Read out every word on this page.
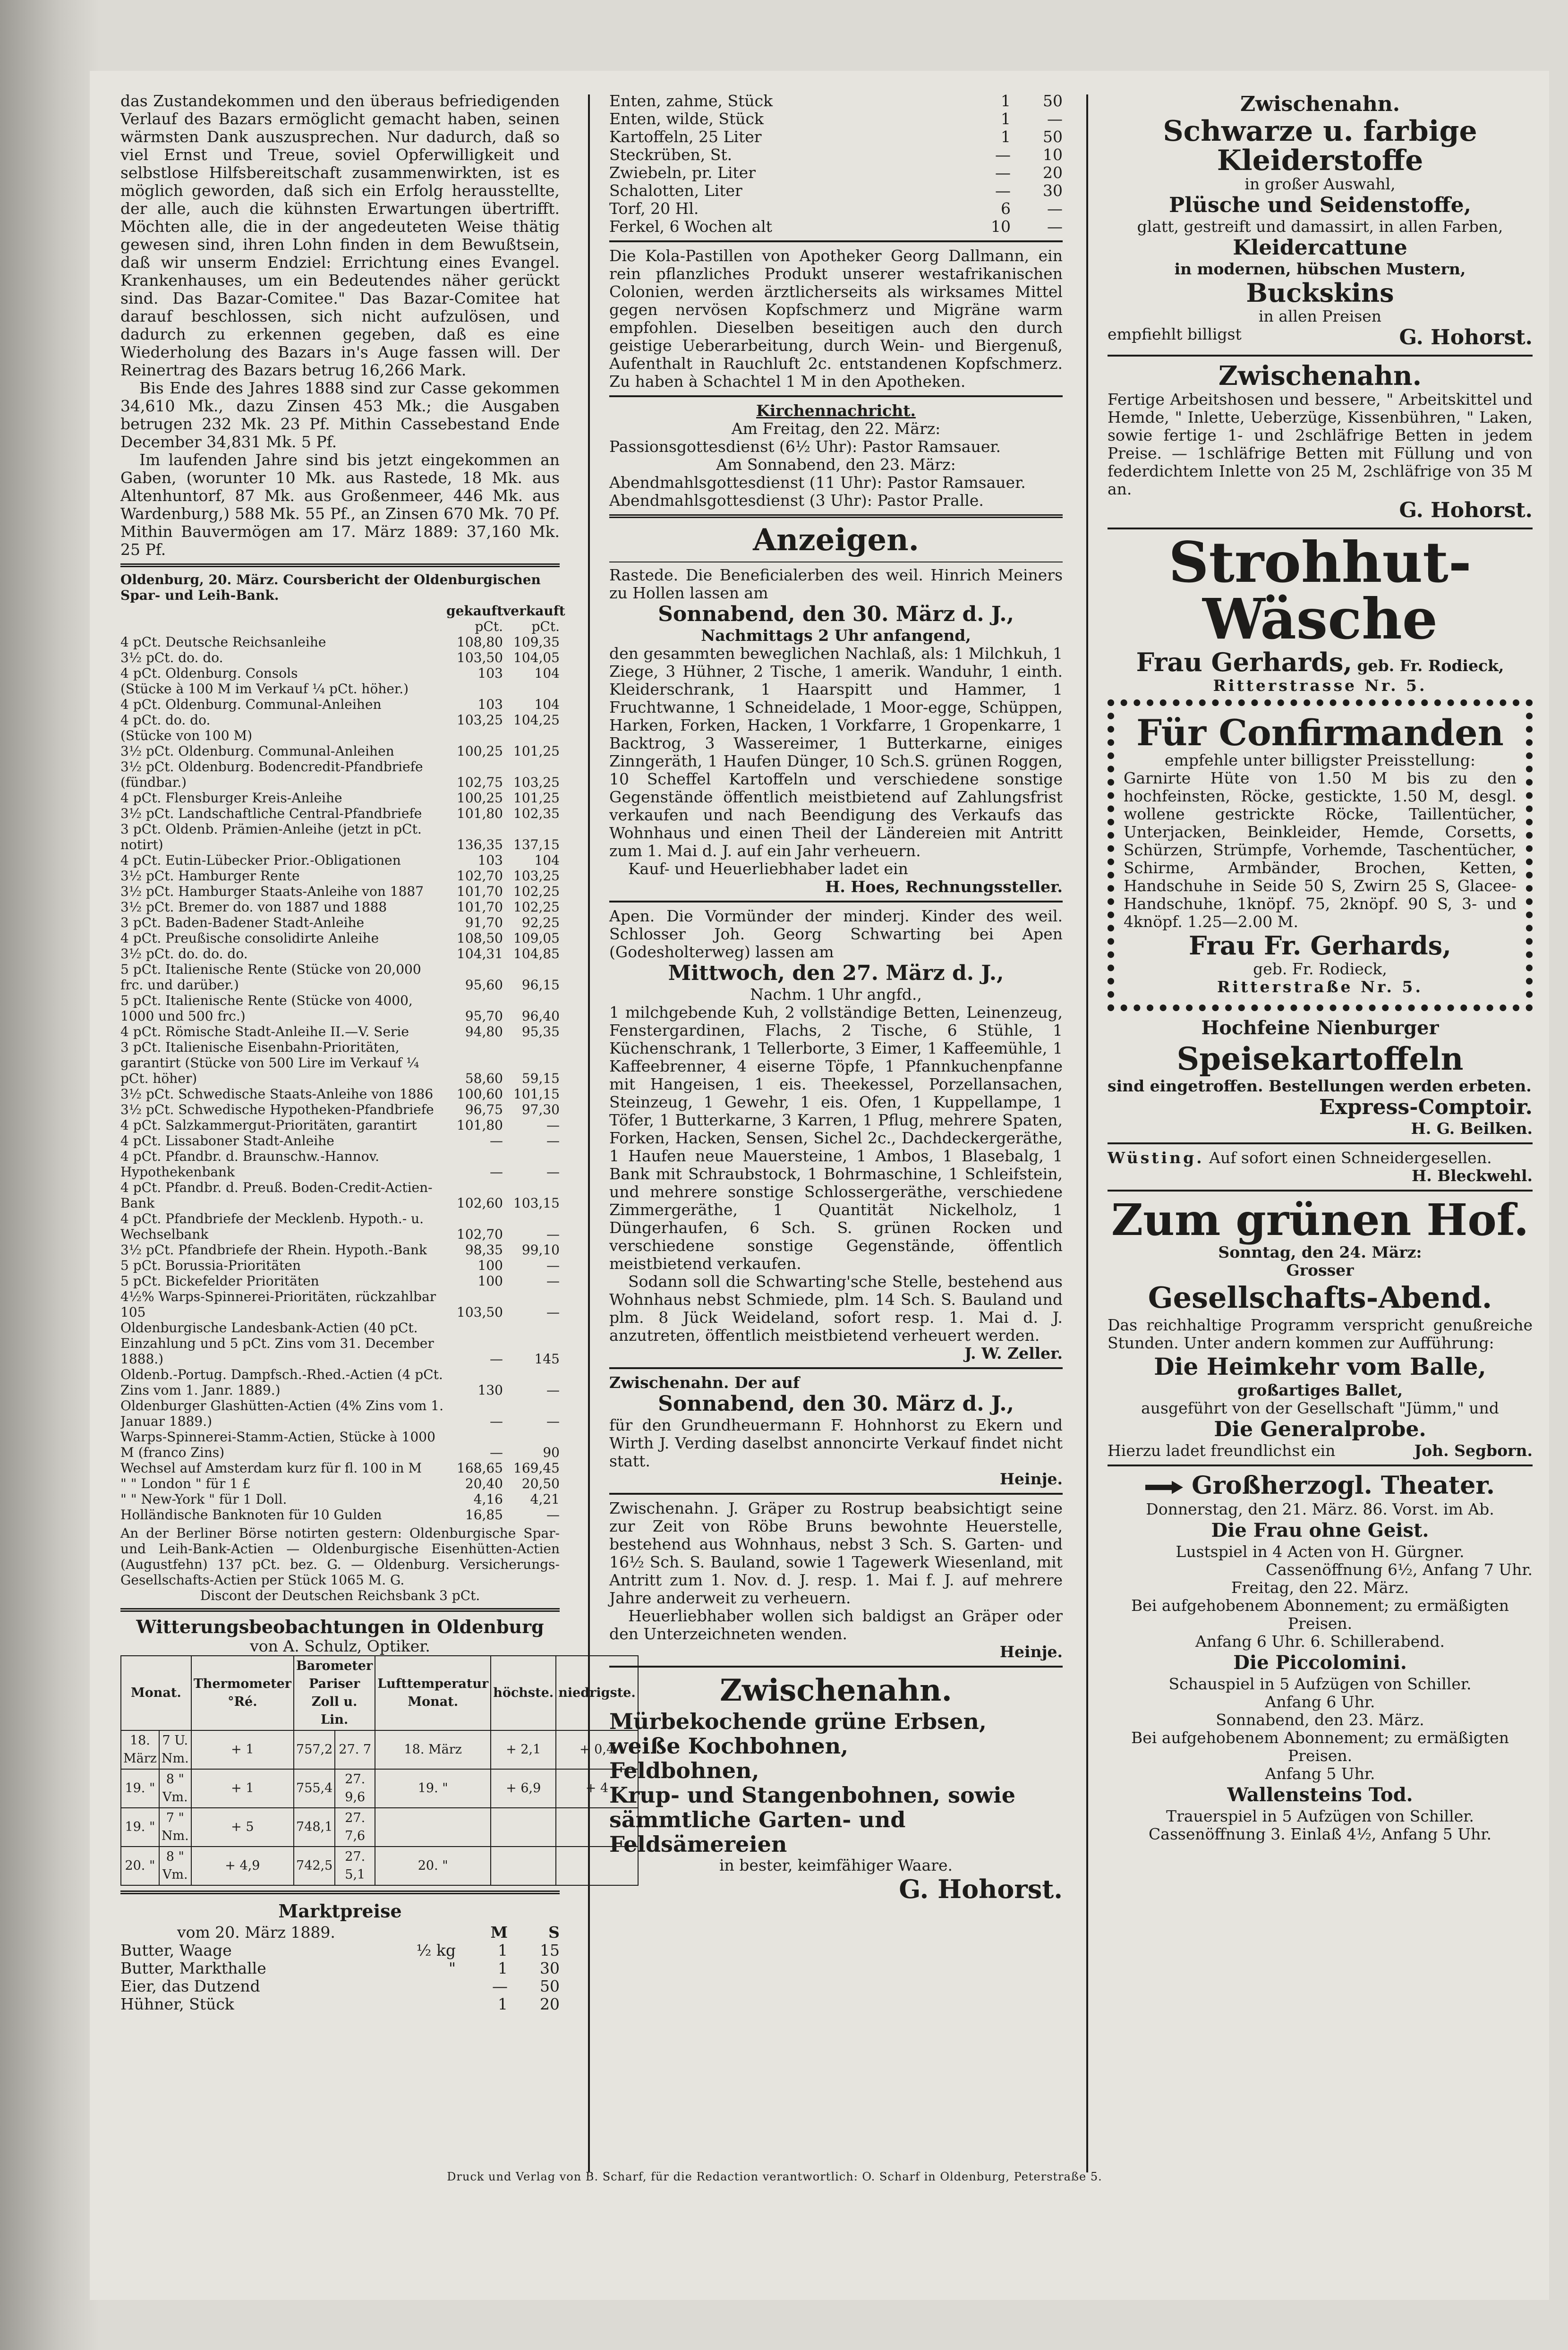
das Zustandekommen und den überaus befriedigenden Verlauf des Bazars ermöglicht gemacht haben, seinen wärmsten Dank auszusprechen. Nur dadurch, daß so viel Ernst und Treue, soviel Opferwilligkeit und selbstlose Hilfsbereitschaft zusammenwirkten, ist es möglich geworden, daß sich ein Erfolg herausstellte, der alle, auch die kühnsten Erwartungen übertrifft. Möchten alle, die in der angedeuteten Weise thätig gewesen sind, ihren Lohn finden in dem Bewußtsein, daß wir unserm Endziel: Errichtung eines Evangel. Krankenhauses, um ein Bedeutendes näher gerückt sind. Das Bazar-Comitee." Das Bazar-Comitee hat darauf beschlossen, sich nicht aufzulösen, und dadurch zu erkennen gegeben, daß es eine Wiederholung des Bazars in's Auge fassen will. Der Reinertrag des Bazars betrug 16,266 Mark.

Bis Ende des Jahres 1888 sind zur Casse gekommen 34,610 Mk., dazu Zinsen 453 Mk.; die Ausgaben betrugen 232 Mk. 23 Pf. Mithin Cassebestand Ende December 34,831 Mk. 5 Pf.

Im laufenden Jahre sind bis jetzt eingekommen an Gaben, (worunter 10 Mk. aus Rastede, 18 Mk. aus Altenhuntorf, 87 Mk. aus Großenmeer, 446 Mk. aus Wardenburg,) 588 Mk. 55 Pf., an Zinsen 670 Mk. 70 Pf. Mithin Bauvermögen am 17. März 1889: 37,160 Mk. 25 Pf.

Oldenburg, 20. März. Coursbericht der Oldenburgischen Spar- und Leih-Bank.
gekauft verkauft
pCt.	pCt.
4 pCt. Deutsche Reichsanleihe	108,80 109,35
3½ pCt. do. do.	103,50 104,05
4 pCt. Oldenburg. Consols	103	104
(Stücke à 100 M im Verkauf ¼ pCt. höher.)
4 pCt. Oldenburg. Communal-Anleihen	103	104
4 pCt. do. do.	103,25 104,25
(Stücke von 100 M)
3½ pCt. Oldenburg. Communal-Anleihen	100,25 101,25
3½ pCt. Oldenburg. Bodencredit-Pfandbriefe (fündbar.)	102,75 103,25
4 pCt. Flensburger Kreis-Anleihe	100,25 101,25
3½ pCt. Landschaftliche Central-Pfandbriefe	101,80 102,35
3 pCt. Oldenb. Prämien-Anleihe (jetzt in pCt. notirt)	136,35 137,15
4 pCt. Eutin-Lübecker Prior.-Obligationen	103	104
3½ pCt. Hamburger Rente	102,70 103,25
3½ pCt. Hamburger Staats-Anleihe von 1887	101,70 102,25
3½ pCt. Bremer do. von 1887 und 1888	101,70 102,25
3 pCt. Baden-Badener Stadt-Anleihe	91,70	92,25
4 pCt. Preußische consolidirte Anleihe	108,50 109,05
3½ pCt. do. do. do.	104,31 104,85
5 pCt. Italienische Rente (Stücke von 20,000 frc. und darüber.)	95,60	96,15
5 pCt. Italienische Rente (Stücke von 4000, 1000 und 500 frc.)	95,70	96,40
4 pCt. Römische Stadt-Anleihe II.—V. Serie	94,80	95,35
3 pCt. Italienische Eisenbahn-Prioritäten, garantirt (Stücke von 500 Lire im Verkauf ¼ pCt. höher)	58,60	59,15
3½ pCt. Schwedische Staats-Anleihe von 1886	100,60 101,15
3½ pCt. Schwedische Hypotheken-Pfandbriefe	96,75	97,30
4 pCt. Salzkammergut-Prioritäten, garantirt	101,80	—
4 pCt. Lissaboner Stadt-Anleihe	—	—
4 pCt. Pfandbr. d. Braunschw.-Hannov. Hypothekenbank	—	—
4 pCt. Pfandbr. d. Preuß. Boden-Credit-Actien-Bank	102,60 103,15
4 pCt. Pfandbriefe der Mecklenb. Hypoth.- u. Wechselbank	102,70	—
3½ pCt. Pfandbriefe der Rhein. Hypoth.-Bank	98,35	99,10
5 pCt. Borussia-Prioritäten	100	—
5 pCt. Bickefelder Prioritäten	100	—
4½% Warps-Spinnerei-Prioritäten, rückzahlbar 105	103,50	—
Oldenburgische Landesbank-Actien (40 pCt. Einzahlung und 5 pCt. Zins vom 31. December 1888.)	—	145
Oldenb.-Portug. Dampfsch.-Rhed.-Actien (4 pCt. Zins vom 1. Janr. 1889.)	130	—
Oldenburger Glashütten-Actien (4% Zins vom 1. Januar 1889.)	—	—
Warps-Spinnerei-Stamm-Actien, Stücke à 1000 M (franco Zins)	—	90
Wechsel auf Amsterdam kurz für fl. 100 in M	168,65 169,45
" " London " für 1 £	20,40	20,50
" " New-York " für 1 Doll.	4,16	4,21
Holländische Banknoten für 10 Gulden	16,85	—

An der Berliner Börse notirten gestern: Oldenburgische Spar- und Leih-Bank-Actien — Oldenburgische Eisenhütten-Actien (Augustfehn) 137 pCt. bez. G. — Oldenburg. Versicherungs-Gesellschafts-Actien per Stück 1065 M. G.

Discont der Deutschen Reichsbank 3 pCt.

Witterungsbeobachtungen in Oldenburg
von A. Schulz, Optiker.
Monat.		Thermometer °Ré.	Barometer Pariser Zoll u. Lin.		Lufttemperatur Monat.	höchste.	niedrigste.
18. März	7 U. Nm.	+ 1	757,2	27. 7	18. März	+ 2,1	+ 0,4
19. "	8 " Vm.	+ 1	755,4	27. 9,6	19. "	+ 6,9	+ 4
19. "	7 " Nm.	+ 5	748,1	27. 7,6			
20. "	8 " Vm.	+ 4,9	742,5	27. 5,1	20. "		
Marktpreise
vom 20. März 1889.	M	S
Butter, Waage	½ kg	1	15
Butter, Markthalle	"	1	30
Eier, das Dutzend	—	50
Hühner, Stück	1	20
Enten, zahme, Stück	1	50
Enten, wilde, Stück	1	—
Kartoffeln, 25 Liter	1	50
Steckrüben, St.	—	10
Zwiebeln, pr. Liter	—	20
Schalotten, Liter	—	30
Torf, 20 Hl.	6	—
Ferkel, 6 Wochen alt	10	—

Die Kola-Pastillen von Apotheker Georg Dallmann, ein rein pflanzliches Produkt unserer westafrikanischen Colonien, werden ärztlicherseits als wirksames Mittel gegen nervösen Kopfschmerz und Migräne warm empfohlen. Dieselben beseitigen auch den durch geistige Ueberarbeitung, durch Wein- und Biergenuß, Aufenthalt in Rauchluft 2c. entstandenen Kopfschmerz. Zu haben à Schachtel 1 M in den Apotheken.

Kirchennachricht.
Am Freitag, den 22. März:
Passionsgottesdienst (6½ Uhr): Pastor Ramsauer.
Am Sonnabend, den 23. März:
Abendmahlsgottesdienst (11 Uhr): Pastor Ramsauer.
Abendmahlsgottesdienst (3 Uhr): Pastor Pralle.
Anzeigen.

Rastede. Die Beneficialerben des weil. Hinrich Meiners zu Hollen lassen am

Sonnabend, den 30. März d. J.,
Nachmittags 2 Uhr anfangend,

den gesammten beweglichen Nachlaß, als: 1 Milchkuh, 1 Ziege, 3 Hühner, 2 Tische, 1 amerik. Wanduhr, 1 einth. Kleiderschrank, 1 Haarspitt und Hammer, 1 Fruchtwanne, 1 Schneidelade, 1 Moor-egge, Schüppen, Harken, Forken, Hacken, 1 Vorkfarre, 1 Gropenkarre, 1 Backtrog, 3 Wassereimer, 1 Butterkarne, einiges Zinngeräth, 1 Haufen Dünger, 10 Sch.S. grünen Roggen, 10 Scheffel Kartoffeln und verschiedene sonstige Gegenstände öffentlich meistbietend auf Zahlungsfrist verkaufen und nach Beendigung des Verkaufs das Wohnhaus und einen Theil der Ländereien mit Antritt zum 1. Mai d. J. auf ein Jahr verheuern.

Kauf- und Heuerliebhaber ladet ein

H. Hoes, Rechnungssteller.

Apen. Die Vormünder der minderj. Kinder des weil. Schlosser Joh. Georg Schwarting bei Apen (Godesholterweg) lassen am

Mittwoch, den 27. März d. J.,
Nachm. 1 Uhr angfd.,

1 milchgebende Kuh, 2 vollständige Betten, Leinenzeug, Fenstergardinen, Flachs, 2 Tische, 6 Stühle, 1 Küchenschrank, 1 Tellerborte, 3 Eimer, 1 Kaffeemühle, 1 Kaffeebrenner, 4 eiserne Töpfe, 1 Pfannkuchenpfanne mit Hangeisen, 1 eis. Theekessel, Porzellansachen, Steinzeug, 1 Gewehr, 1 eis. Ofen, 1 Kuppellampe, 1 Töfer, 1 Butterkarne, 3 Karren, 1 Pflug, mehrere Spaten, Forken, Hacken, Sensen, Sichel 2c., Dachdeckergeräthe, 1 Haufen neue Mauersteine, 1 Ambos, 1 Blasebalg, 1 Bank mit Schraubstock, 1 Bohrmaschine, 1 Schleifstein, und mehrere sonstige Schlossergeräthe, verschiedene Zimmergeräthe, 1 Quantität Nickelholz, 1 Düngerhaufen, 6 Sch. S. grünen Rocken und verschiedene sonstige Gegenstände, öffentlich meistbietend verkaufen.

Sodann soll die Schwarting'sche Stelle, bestehend aus Wohnhaus nebst Schmiede, plm. 14 Sch. S. Bauland und plm. 8 Jück Weideland, sofort resp. 1. Mai d. J. anzutreten, öffentlich meistbietend verheuert werden.

J. W. Zeller.

Zwischenahn. Der auf

Sonnabend, den 30. März d. J.,

für den Grundheuermann F. Hohnhorst zu Ekern und Wirth J. Verding daselbst annoncirte Verkauf findet nicht statt.

Heinje.

Zwischenahn. J. Gräper zu Rostrup beabsichtigt seine zur Zeit von Röbe Bruns bewohnte Heuerstelle, bestehend aus Wohnhaus, nebst 3 Sch. S. Garten- und 16½ Sch. S. Bauland, sowie 1 Tagewerk Wiesenland, mit Antritt zum 1. Nov. d. J. resp. 1. Mai f. J. auf mehrere Jahre anderweit zu verheuern.

Heuerliebhaber wollen sich baldigst an Gräper oder den Unterzeichneten wenden.

Heinje.

Zwischenahn.
Mürbekochende grüne Erbsen,
weiße Kochbohnen,
Feldbohnen,
Krup- und Stangenbohnen, sowie
sämmtliche Garten- und Feldsämereien
in bester, keimfähiger Waare.
G. Hohorst.
Zwischenahn.
Schwarze u. farbige Kleiderstoffe
in großer Auswahl,
Plüsche und Seidenstoffe,
glatt, gestreift und damassirt, in allen Farben,
Kleidercattune
in modernen, hübschen Mustern,
Buckskins
in allen Preisen
empfiehlt billigst	G. Hohorst.
Zwischenahn.

Fertige Arbeitshosen und bessere, " Arbeitskittel und Hemde, " Inlette, Ueberzüge, Kissenbühren, " Laken, sowie fertige 1- und 2schläfrige Betten in jedem Preise. — 1schläfrige Betten mit Füllung und von federdichtem Inlette von 25 M, 2schläfrige von 35 M an.

G. Hohorst.
Strohhut-Wäsche
Frau Gerhards, geb. Fr. Rodieck,
Ritterstrasse Nr. 5.
Für Confirmanden
empfehle unter billigster Preisstellung:

Garnirte Hüte von 1.50 M bis zu den hochfeinsten, Röcke, gestickte, 1.50 M, desgl. wollene gestrickte Röcke, Taillentücher, Unterjacken, Beinkleider, Hemde, Corsetts, Schürzen, Strümpfe, Vorhemde, Taschentücher, Schirme, Armbänder, Brochen, Ketten, Handschuhe in Seide 50 S, Zwirn 25 S, Glacee-Handschuhe, 1knöpf. 75, 2knöpf. 90 S, 3- und 4knöpf. 1.25—2.00 M.

Frau Fr. Gerhards,
geb. Fr. Rodieck,
Ritterstraße Nr. 5.
Hochfeine Nienburger
Speisekartoffeln
sind eingetroffen. Bestellungen werden erbeten.
Express-Comptoir.
H. G. Beilken.
Wüsting. Auf sofort einen Schneidergesellen.
H. Bleckwehl.
Zum grünen Hof.
Sonntag, den 24. März:
Grosser
Gesellschafts-Abend.

Das reichhaltige Programm verspricht genußreiche Stunden. Unter andern kommen zur Aufführung:

Die Heimkehr vom Balle,
großartiges Ballet,
ausgeführt von der Gesellschaft "Jümm," und
Die Generalprobe.
Hierzu ladet freundlichst ein	Joh. Segborn.
Großherzogl. Theater.
Donnerstag, den 21. März. 86. Vorst. im Ab.
Die Frau ohne Geist.
Lustspiel in 4 Acten von H. Gürgner.
Cassenöffnung 6½, Anfang 7 Uhr.
Freitag, den 22. März.
Bei aufgehobenem Abonnement; zu ermäßigten Preisen.
Anfang 6 Uhr. 6. Schillerabend.
Die Piccolomini.
Schauspiel in 5 Aufzügen von Schiller.
Anfang 6 Uhr.
Sonnabend, den 23. März.
Bei aufgehobenem Abonnement; zu ermäßigten Preisen.
Anfang 5 Uhr.
Wallensteins Tod.
Trauerspiel in 5 Aufzügen von Schiller.
Cassenöffnung 3. Einlaß 4½, Anfang 5 Uhr.
Druck und Verlag von B. Scharf, für die Redaction verantwortlich: O. Scharf in Oldenburg, Peterstraße 5.
